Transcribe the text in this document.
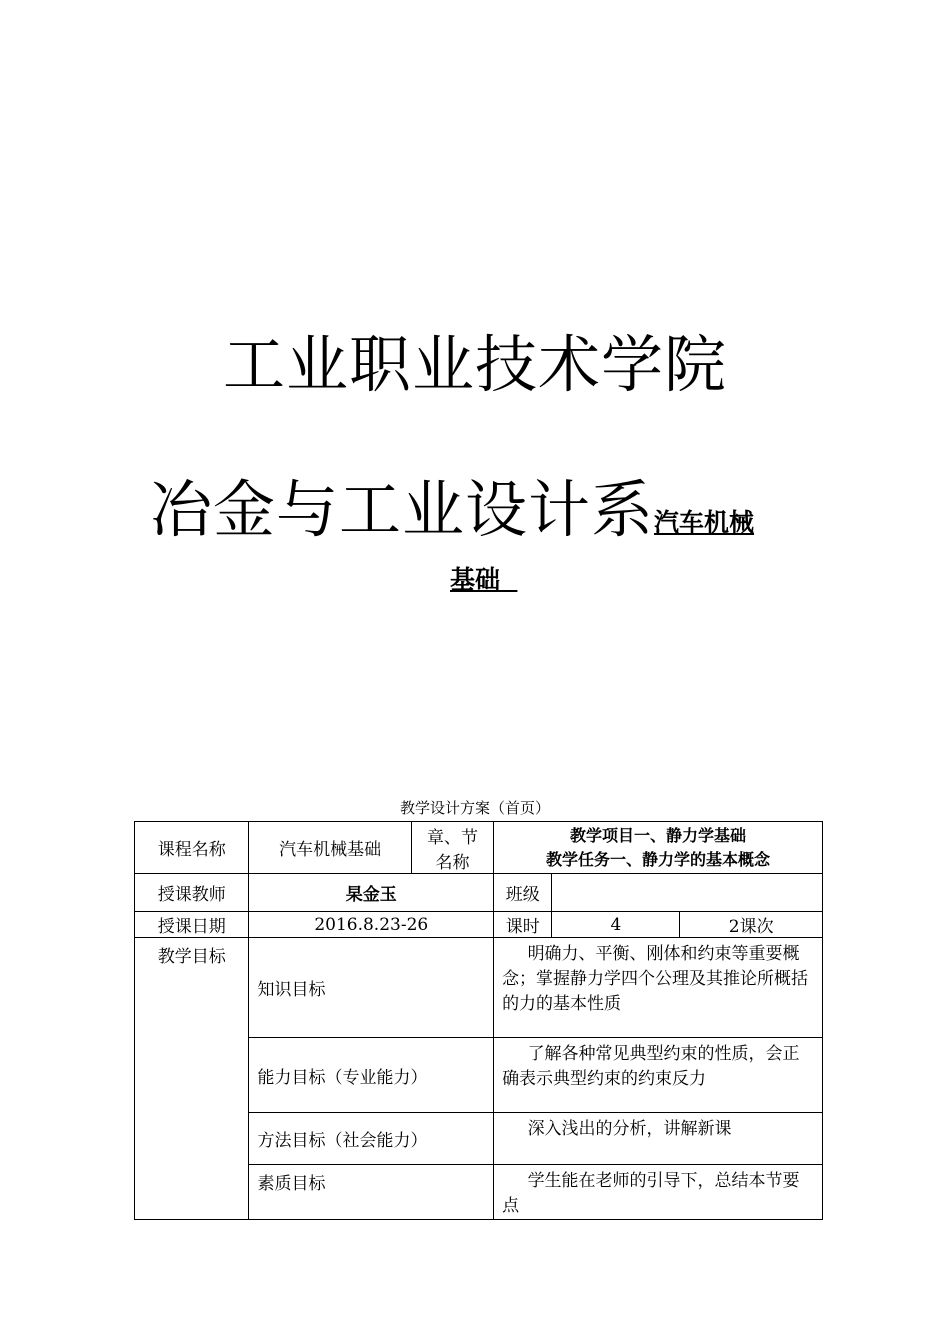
工业职业技术学院
冶金与工业设计系汽车机械
基础
教学设计方案（首页）
课程名称	汽车机械基础	章、节名称	教学项目一、静力学基础
教学任务一、静力学的基本概念		

授课教师	杲金玉		班级		
授课日期	2016.8.23-26		课时	4	2课次
教学目标	知识目标		明确力、平衡、刚体和约束等重要概念；掌握静力学四个公理及其推论所概括的力的基本性质		
	能力目标（专业能力）		了解各种常见典型约束的性质，会正确表示典型约束的约束反力		
	方法目标（社会能力）		深入浅出的分析，讲解新课		
	素质目标		学生能在老师的引导下，总结本节要点		
